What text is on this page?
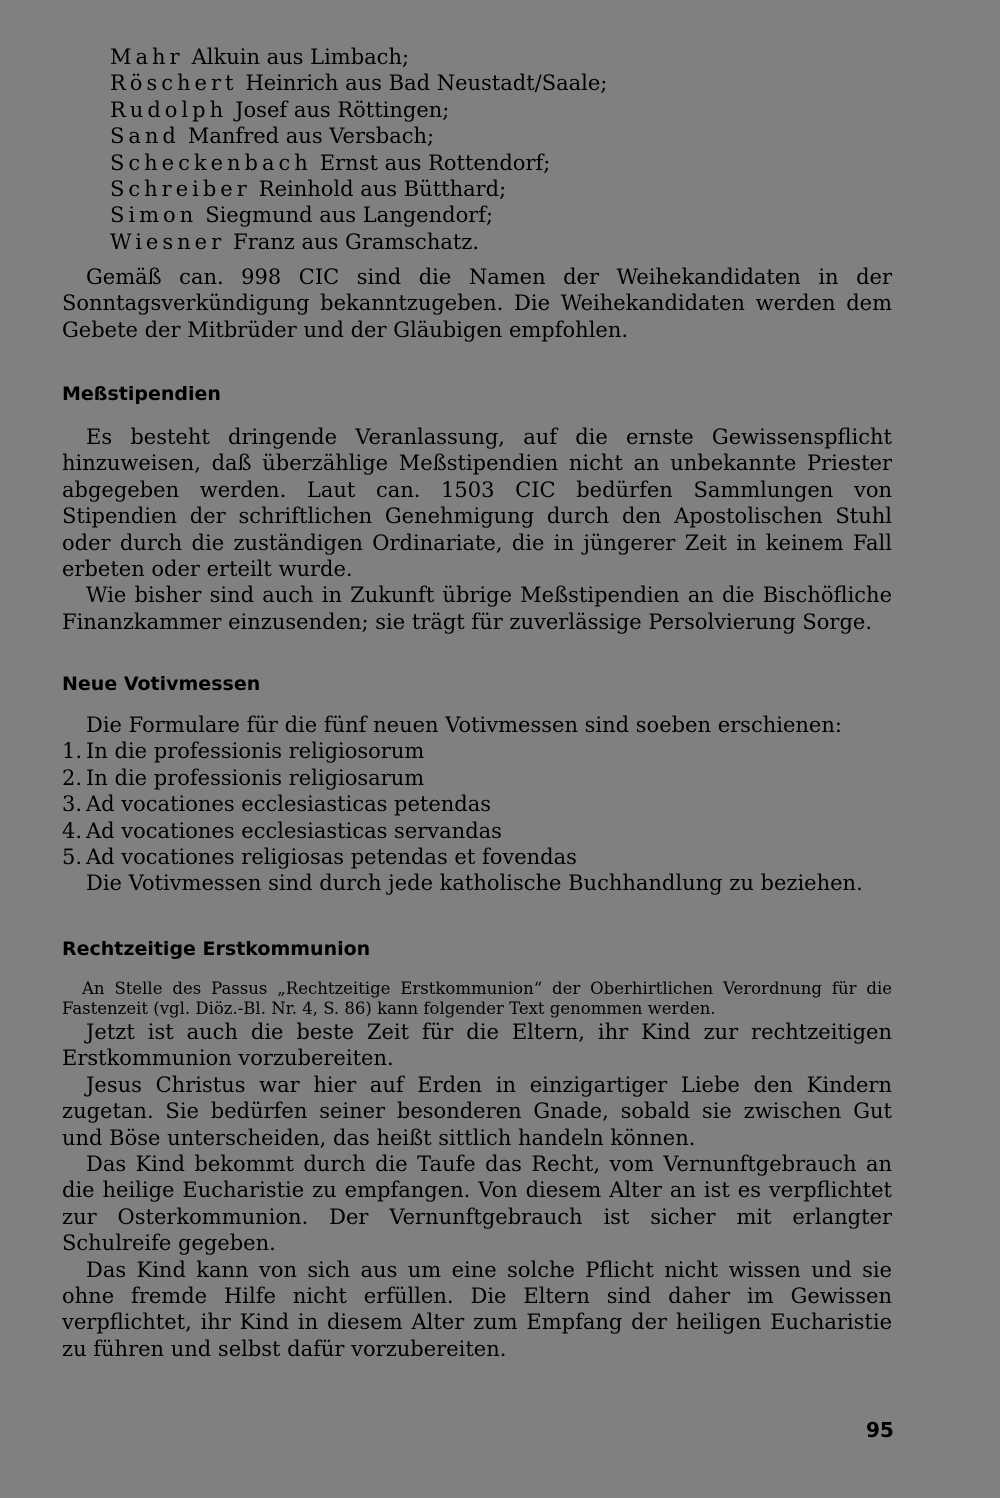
Mahr Alkuin aus Limbach;
Röschert Heinrich aus Bad Neustadt/Saale;
Rudolph Josef aus Röttingen;
Sand Manfred aus Versbach;
Scheckenbach Ernst aus Rottendorf;
Schreiber Reinhold aus Bütthard;
Simon Siegmund aus Langendorf;
Wiesner Franz aus Gramschatz.

Gemäß can. 998 CIC sind die Namen der Weihekandidaten in der Sonntagsverkündigung bekanntzugeben. Die Weihekandidaten werden dem Gebete der Mitbrüder und der Gläubigen empfohlen.

Meßstipendien

Es besteht dringende Veranlassung, auf die ernste Gewissenspflicht hinzuweisen, daß überzählige Meßstipendien nicht an unbekannte Priester abgegeben werden. Laut can. 1503 CIC bedürfen Sammlungen von Stipendien der schriftlichen Genehmigung durch den Apostolischen Stuhl oder durch die zuständigen Ordinariate, die in jüngerer Zeit in keinem Fall erbeten oder erteilt wurde.

Wie bisher sind auch in Zukunft übrige Meßstipendien an die Bischöfliche Finanzkammer einzusenden; sie trägt für zuverlässige Persolvierung Sorge.

Neue Votivmessen

Die Formulare für die fünf neuen Votivmessen sind soeben erschienen:

1. In die professionis religiosorum
2. In die professionis religiosarum
3. Ad vocationes ecclesiasticas petendas
4. Ad vocationes ecclesiasticas servandas
5. Ad vocationes religiosas petendas et fovendas

Die Votivmessen sind durch jede katholische Buchhandlung zu beziehen.

Rechtzeitige Erstkommunion

An Stelle des Passus „Rechtzeitige Erstkommunion“ der Oberhirtlichen Verordnung für die Fastenzeit (vgl. Diöz.-Bl. Nr. 4, S. 86) kann folgender Text genommen werden.

Jetzt ist auch die beste Zeit für die Eltern, ihr Kind zur rechtzeitigen Erstkommunion vorzubereiten.

Jesus Christus war hier auf Erden in einzigartiger Liebe den Kindern zugetan. Sie bedürfen seiner besonderen Gnade, sobald sie zwischen Gut und Böse unterscheiden, das heißt sittlich handeln können.

Das Kind bekommt durch die Taufe das Recht, vom Vernunftgebrauch an die heilige Eucharistie zu empfangen. Von diesem Alter an ist es verpflichtet zur Osterkommunion. Der Vernunftgebrauch ist sicher mit erlangter Schulreife gegeben.

Das Kind kann von sich aus um eine solche Pflicht nicht wissen und sie ohne fremde Hilfe nicht erfüllen. Die Eltern sind daher im Gewissen verpflichtet, ihr Kind in diesem Alter zum Empfang der heiligen Eucharistie zu führen und selbst dafür vorzubereiten.

95
